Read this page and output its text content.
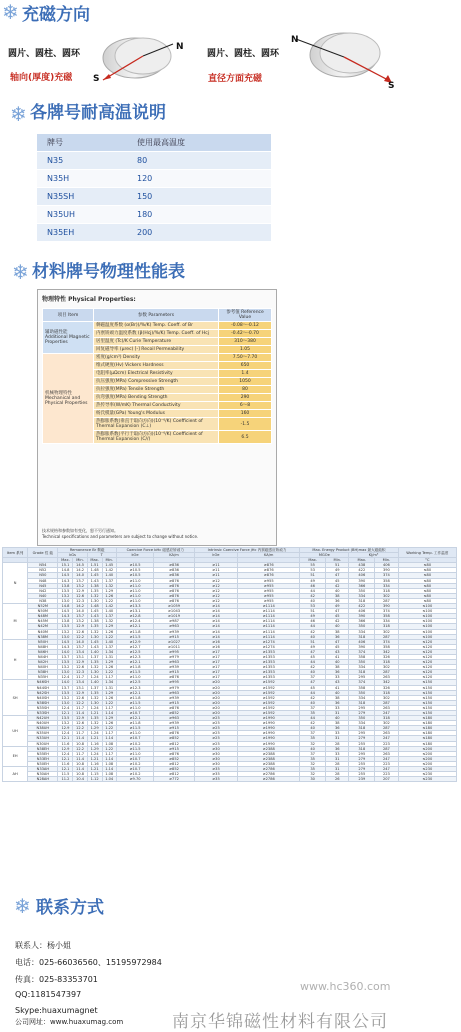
❄ 充磁方向
N
S
圆片、圆柱、圆环
轴向(厚度)充磁
N
S
圆片、圆柱、圆环
直径方面充磁
❄ 各牌号耐高温说明
牌号	使用最高温度
N35	80
N35H	120
N35SH	150
N35UH	180
N35EH	200
❄ 材料牌号物理性能表
物理特性 Physical Properties:
项目 Item	参数 Parameters	参考值 Reference Value
辅助磁性能 Additional Magnetic Properties	剩磁温度系数 (α(Br))/%/K) Temp. Coeff. of Br	-0.08～-0.12
	内禀矫顽力温度系数 (β(Hcj)/%/K) Temp. Coeff. of Hcj	-0.42～-0.70
	居里温度 (Tc)/K Curie Temperature	310～380
	回复磁导率 (μrec) [-] Recoil Permeability	1.05
机械物理特性 Mechanical and Physical Properties	密度(g/cm³) Density	7.50～7.70
	维式硬度(Hv) Vickers Hardness	650
	电阻率(μΩcm) Electrical Resistivity	1.4
	抗压强度(MPa) Compressive Strength	1050
	抗拉强度(MPa) Tensile Strength	80
	抗弯强度(MPa) Bending Strength	290
	热传导率(W/mK) Thermal Conductivity	6～8
	杨氏模量(GPa) Young's Modulus	160
	热膨胀系数(垂直于取向方向)(10⁻⁶/K) Coefficient of Thermal Expansion (C⊥)	-1.5
	热膨胀系数(平行于取向方向)(10⁻⁶/K) Coefficient of Thermal Expansion (C//)	6.5
技术规格和参数如有变化，恕不另行通知。
Technical specifications and parameters are subject to change without notice.
Item 系列	Grade 性 能	Remanence Br 剩磁				Coercive Force bHc 磁感应矫顽力		Intrinsic Coercive Force jHc 内禀磁感应矫顽力		Max. Energy Product (BH)max 最大磁能积				Working Temp. 工作温度
		kGs		T		kOe	KA/m	kOe	KA/m	MGOe		KJ/m³		
		Max.	Min.	Max.	Min.					Max.	Min.	Max.	Min.	°C
N	N54	15.1	14.5	1.51	1.45	≥10.5	≥836	≥11	≥876	55	51	438	406	≤80
	N52	14.8	14.2	1.48	1.42	≥10.5	≥836	≥11	≥876	53	49	422	390	≤80
	N50	14.5	14.0	1.45	1.40	≥10.5	≥836	≥11	≥876	51	47	406	374	≤80
	N48	14.3	13.7	1.43	1.37	≥11.0	≥876	≥12	≥955	49	45	390	358	≤80
	N45	13.8	13.2	1.38	1.32	≥11.0	≥876	≥12	≥955	46	42	366	334	≤80
	N42	13.5	12.9	1.35	1.29	≥11.0	≥876	≥12	≥955	44	40	350	318	≤80
	N40	13.2	12.6	1.32	1.26	≥11.0	≥876	≥12	≥955	42	38	334	302	≤80
	N38	13.0	12.3	1.30	1.22	≥11.0	≥876	≥12	≥955	40	36	318	287	≤80
M	N52M	14.8	14.2	1.48	1.42	≥13.3	≥1059	≥14	≥1114	53	49	422	390	≤100
	N50M	14.5	14.0	1.45	1.40	≥13.1	≥1043	≥14	≥1114	51	47	406	374	≤100
	N48M	14.3	13.7	1.43	1.37	≥12.8	≥1019	≥14	≥1114	49	45	390	358	≤100
	N45M	13.8	13.2	1.38	1.32	≥12.4	≥987	≥14	≥1114	46	42	366	334	≤100
	N42M	13.5	12.9	1.35	1.29	≥12.1	≥963	≥14	≥1114	44	40	350	318	≤100
	N40M	13.2	12.6	1.32	1.26	≥11.8	≥939	≥14	≥1114	42	38	334	302	≤100
	N38M	13.0	12.2	1.30	1.22	≥11.5	≥915	≥14	≥1114	40	36	318	287	≤100
H	N50H	14.5	14.0	1.45	1.40	≥12.9	≥1027	≥16	≥1274	51	47	406	374	≤120
	N48H	14.3	13.7	1.43	1.37	≥12.7	≥1011	≥16	≥1274	49	45	390	358	≤120
	N46H	14.0	13.4	1.40	1.34	≥12.5	≥995	≥17	≥1353	47	43	374	342	≤120
	N44H	13.7	13.1	1.37	1.31	≥12.3	≥979	≥17	≥1353	45	41	358	326	≤120
	N42H	13.5	12.9	1.35	1.29	≥12.1	≥963	≥17	≥1353	44	40	350	318	≤120
	N40H	13.2	12.6	1.32	1.26	≥11.8	≥939	≥17	≥1353	42	38	334	302	≤120
	N38H	13.0	12.3	1.30	1.22	≥11.5	≥915	≥17	≥1353	40	36	318	287	≤120
	N35H	12.4	11.7	1.24	1.17	≥11.0	≥876	≥17	≥1353	37	33	295	263	≤120
SH	N46SH	14.0	13.4	1.40	1.34	≥12.5	≥995	≥20	≥1592	47	43	374	342	≤150
	N44SH	13.7	13.1	1.37	1.31	≥12.3	≥979	≥20	≥1592	45	41	358	326	≤150
	N42SH	13.5	12.9	1.35	1.29	≥12.1	≥963	≥20	≥1592	44	40	350	318	≤150
	N40SH	13.2	12.6	1.32	1.26	≥11.8	≥939	≥20	≥1592	42	38	334	302	≤150
	N38SH	13.0	12.2	1.30	1.22	≥11.5	≥915	≥20	≥1592	40	36	318	287	≤150
	N35SH	12.4	11.7	1.24	1.17	≥11.0	≥876	≥20	≥1592	37	33	295	263	≤150
	N33SH	12.1	11.4	1.21	1.14	≥10.7	≥852	≥20	≥1592	35	31	279	247	≤150
UH	N42UH	13.5	12.9	1.35	1.29	≥12.1	≥963	≥25	≥1990	44	40	350	318	≤180
	N40UH	13.2	12.6	1.32	1.26	≥11.8	≥939	≥25	≥1990	42	38	334	302	≤180
	N38UH	12.9	12.2	1.29	1.22	≥11.5	≥915	≥25	≥1990	40	36	318	287	≤180
	N35UH	12.4	11.7	1.24	1.17	≥11.0	≥876	≥25	≥1990	37	33	295	263	≤180
	N33UH	12.1	11.4	1.21	1.14	≥10.7	≥852	≥25	≥1990	35	31	279	247	≤180
	N30UH	11.6	10.8	1.16	1.08	≥10.2	≥812	≥25	≥1990	32	28	255	223	≤180
EH	N38EH	12.9	12.2	1.29	1.22	≥11.5	≥915	≥30	≥2388	40	36	318	287	≤200
	N35EH	12.4	11.7	1.24	1.17	≥11.0	≥876	≥30	≥2388	37	33	295	263	≤200
	N33EH	12.1	11.4	1.21	1.14	≥10.7	≥852	≥30	≥2388	35	31	279	247	≤200
	N30EH	11.6	10.8	1.16	1.08	≥10.2	≥812	≥30	≥2388	32	28	255	223	≤200
AH	N33AH	12.1	11.4	1.21	1.14	≥10.7	≥852	≥35	≥2786	35	31	279	247	≤230
	N30AH	11.5	10.8	1.15	1.08	≥10.2	≥812	≥35	≥2786	32	28	255	223	≤230
	N28AH	11.2	10.4	1.12	1.04	≥9.70	≥772	≥35	≥2786	30	26	239	207	≤230
❄ 联系方式
联系人：杨小姐
电话：025-66036560、15195972984
传真：025-83353701
QQ:1181547397
Skype:huaxumagnet
公司网址：www.huaxumag.com
www.hc360.com
南京华锦磁性材料有限公司
